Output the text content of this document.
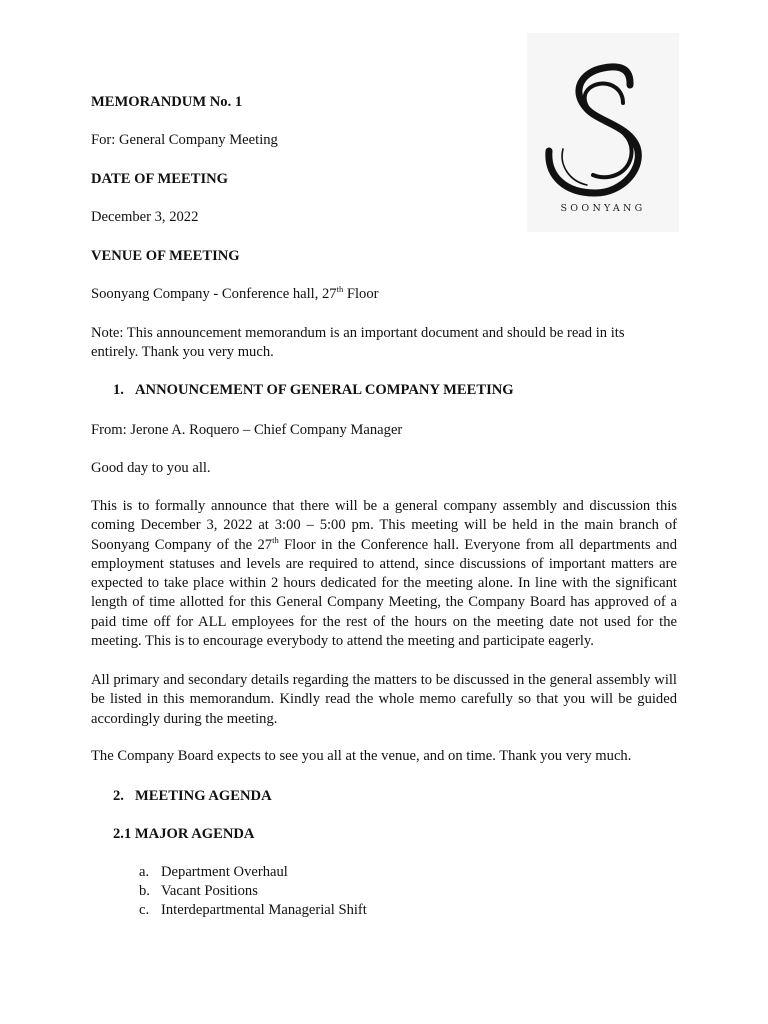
SOONYANG
MEMORANDUM No. 1
For: General Company Meeting
DATE OF MEETING
December 3, 2022
VENUE OF MEETING
Soonyang Company - Conference hall, 27th Floor
Note: This announcement memorandum is an important document and should be read in its entirely. Thank you very much.
1. ANNOUNCEMENT OF GENERAL COMPANY MEETING
From: Jerone A. Roquero – Chief Company Manager
Good day to you all.
This is to formally announce that there will be a general company assembly and discussion this coming December 3, 2022 at 3:00 – 5:00 pm. This meeting will be held in the main branch of Soonyang Company of the 27th Floor in the Conference hall. Everyone from all departments and employment statuses and levels are required to attend, since discussions of important matters are expected to take place within 2 hours dedicated for the meeting alone. In line with the significant length of time allotted for this General Company Meeting, the Company Board has approved of a paid time off for ALL employees for the rest of the hours on the meeting date not used for the meeting. This is to encourage everybody to attend the meeting and participate eagerly.
All primary and secondary details regarding the matters to be discussed in the general assembly will be listed in this memorandum. Kindly read the whole memo carefully so that you will be guided accordingly during the meeting.
The Company Board expects to see you all at the venue, and on time. Thank you very much.
2. MEETING AGENDA
2.1 MAJOR AGENDA
a. Department Overhaul
b. Vacant Positions
c. Interdepartmental Managerial Shift
